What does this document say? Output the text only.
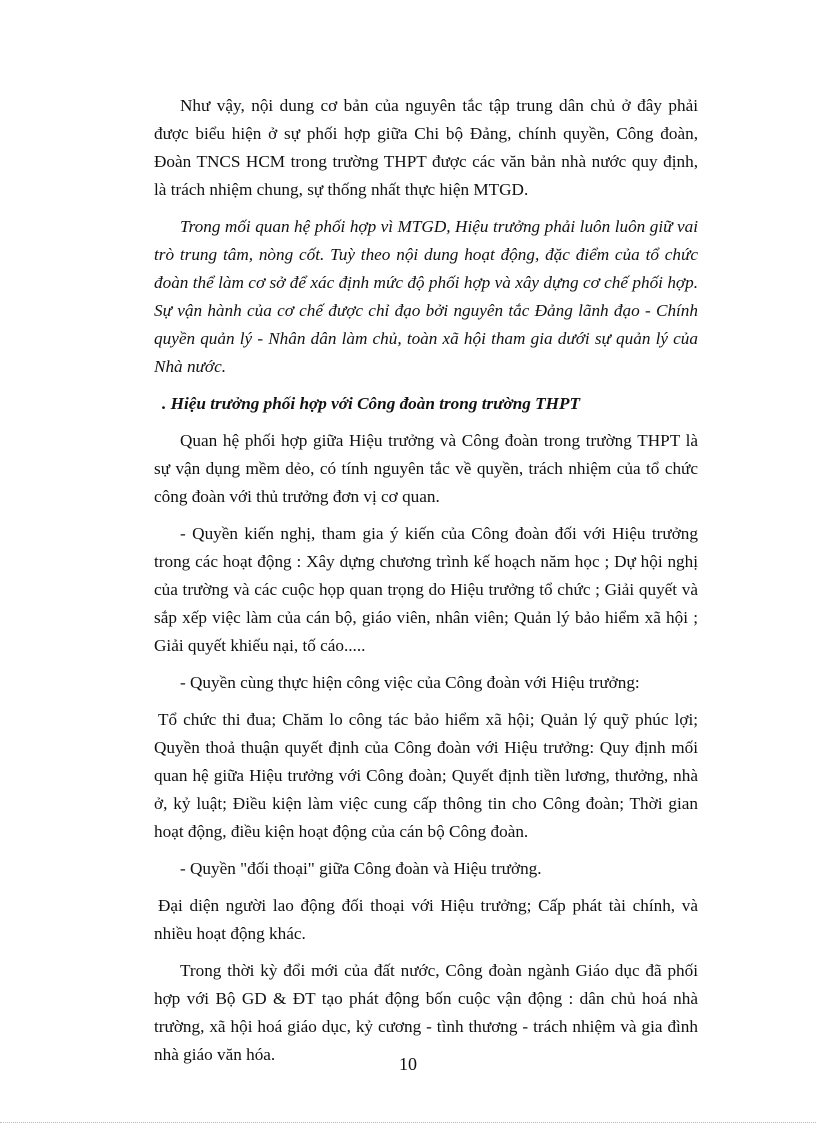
Như vậy, nội dung cơ bản của nguyên tắc tập trung dân chủ ở đây phải được biểu hiện ở sự phối hợp giữa Chi bộ Đảng, chính quyền, Công đoàn, Đoàn TNCS HCM trong trường THPT được các văn bản nhà nước quy định, là trách nhiệm chung, sự thống nhất thực hiện MTGD.

Trong mối quan hệ phối hợp vì MTGD, Hiệu trưởng phải luôn luôn giữ vai trò trung tâm, nòng cốt. Tuỳ theo nội dung hoạt động, đặc điểm của tổ chức đoàn thể làm cơ sở để xác định mức độ phối hợp và xây dựng cơ chế phối hợp. Sự vận hành của cơ chế được chỉ đạo bởi nguyên tắc Đảng lãnh đạo - Chính quyền quản lý - Nhân dân làm chủ, toàn xã hội tham gia dưới sự quản lý của Nhà nước.

. Hiệu trưởng phối hợp với Công đoàn trong trường THPT

Quan hệ phối hợp giữa Hiệu trưởng và Công đoàn trong trường THPT là sự vận dụng mềm dẻo, có tính nguyên tắc về quyền, trách nhiệm của tổ chức công đoàn với thủ trưởng đơn vị cơ quan.

- Quyền kiến nghị, tham gia ý kiến của Công đoàn đối với Hiệu trưởng trong các hoạt động : Xây dựng chương trình kế hoạch năm học ; Dự hội nghị của trường và các cuộc họp quan trọng do Hiệu trưởng tổ chức ; Giải quyết và sắp xếp việc làm của cán bộ, giáo viên, nhân viên; Quản lý bảo hiểm xã hội ; Giải quyết khiếu nại, tố cáo.....

- Quyền cùng thực hiện công việc của Công đoàn với Hiệu trưởng:

Tổ chức thi đua; Chăm lo công tác bảo hiểm xã hội; Quản lý quỹ phúc lợi; Quyền thoả thuận quyết định của Công đoàn với Hiệu trưởng: Quy định mối quan hệ giữa Hiệu trưởng với Công đoàn; Quyết định tiền lương, thưởng, nhà ở, kỷ luật; Điều kiện làm việc cung cấp thông tin cho Công đoàn; Thời gian hoạt động, điều kiện hoạt động của cán bộ Công đoàn.

- Quyền "đối thoại" giữa Công đoàn và Hiệu trưởng.

Đại diện người lao động đối thoại với Hiệu trưởng; Cấp phát tài chính, và nhiều hoạt động khác.

Trong thời kỳ đổi mới của đất nước, Công đoàn ngành Giáo dục đã phối hợp với Bộ GD & ĐT tạo phát động bốn cuộc vận động : dân chủ hoá nhà trường, xã hội hoá giáo dục, kỷ cương - tình thương - trách nhiệm và gia đình nhà giáo văn hóa.	10
